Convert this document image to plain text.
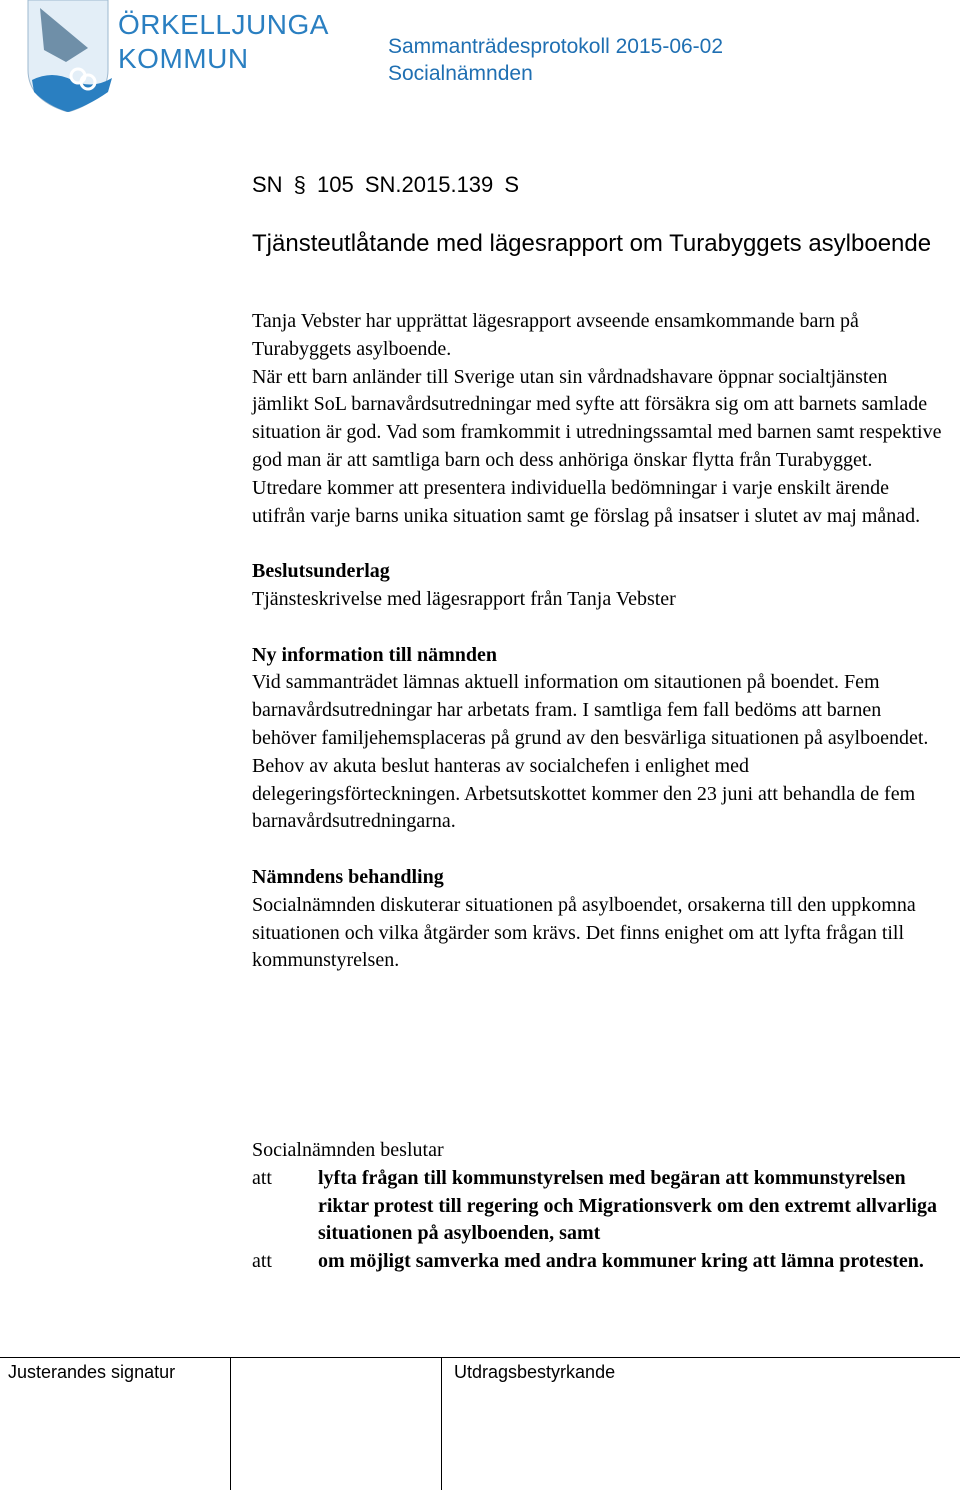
ÖRKELLJUNGA
KOMMUN	Sammanträdesprotokoll 2015-06-02
Socialnämnden
SN § 105 SN.2015.139 S
Tjänsteutlåtande med lägesrapport om Turabyggets asylboende

Tanja Vebster har upprättat lägesrapport avseende ensamkommande barn på Turabyggets asylboende.

När ett barn anländer till Sverige utan sin vårdnadshavare öppnar socialtjänsten jämlikt SoL barnavårdsutredningar med syfte att försäkra sig om att barnets samlade situation är god. Vad som framkommit i utredningssamtal med barnen samt respektive god man är att samtliga barn och dess anhöriga önskar flytta från Turabygget. Utredare kommer att presentera individuella bedömningar i varje enskilt ärende utifrån varje barns unika situation samt ge förslag på insatser i slutet av maj månad.

Beslutsunderlag

Tjänsteskrivelse med lägesrapport från Tanja Vebster

Ny information till nämnden

Vid sammanträdet lämnas aktuell information om sitautionen på boendet. Fem barnavårdsutredningar har arbetats fram. I samtliga fem fall bedöms att barnen behöver familjehemsplaceras på grund av den besvärliga situationen på asylboendet. Behov av akuta beslut hanteras av socialchefen i enlighet med delegeringsförteckningen. Arbetsutskottet kommer den 23 juni att behandla de fem barnavårdsutredningarna.

Nämndens behandling

Socialnämnden diskuterar situationen på asylboendet, orsakerna till den uppkomna situationen och vilka åtgärder som krävs. Det finns enighet om att lyfta frågan till kommunstyrelsen.

Socialnämnden beslutar
att	lyfta frågan till kommunstyrelsen med begäran att kommunstyrelsen riktar protest till regering och Migrationsverk om den extremt allvarliga situationen på asylboenden, samt
att	om möjligt samverka med andra kommuner kring att lämna protesten.
Justerandes signatur	Utdragsbestyrkande
